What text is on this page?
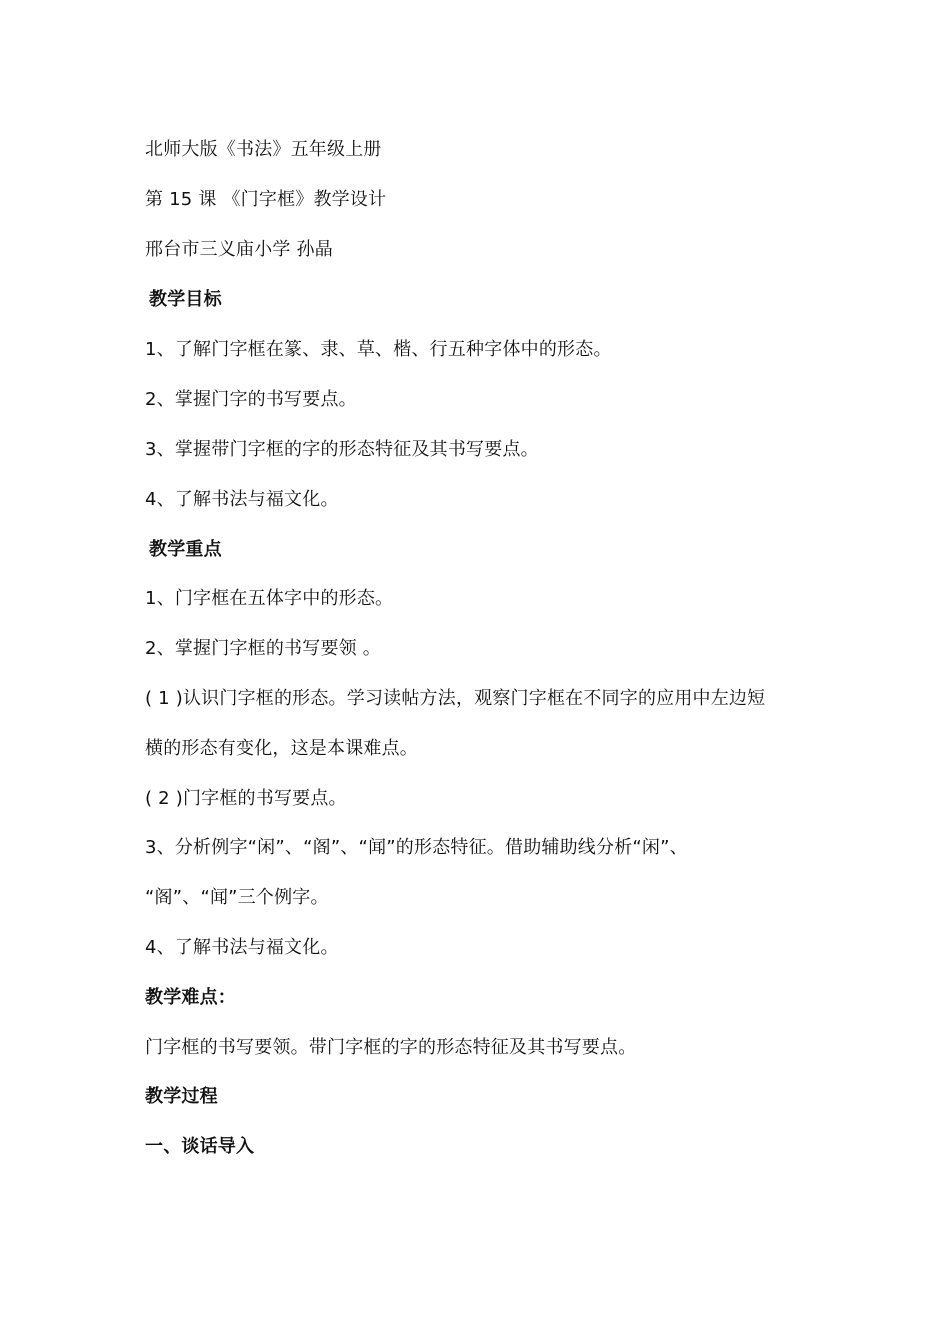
北师大版《书法》五年级上册
第 15 课 《门字框》教学设计
邢台市三义庙小学 孙晶
教学目标
1、了解门字框在篆、隶、草、楷、行五种字体中的形态。
2、掌握门字的书写要点。
3、掌握带门字框的字的形态特征及其书写要点。
4、了解书法与福文化。
教学重点
1、门字框在五体字中的形态。
2、掌握门字框的书写要领 。
( 1 )认识门字框的形态。学习读帖方法，观察门字框在不同字的应用中左边短
横的形态有变化，这是本课难点。
( 2 )门字框的书写要点。
3、分析例字“闲”、“阁”、“闻”的形态特征。借助辅助线分析“闲”、
“阁”、“闻”三个例字。
4、了解书法与福文化。
教学难点：
门字框的书写要领。带门字框的字的形态特征及其书写要点。
教学过程
一、谈话导入
